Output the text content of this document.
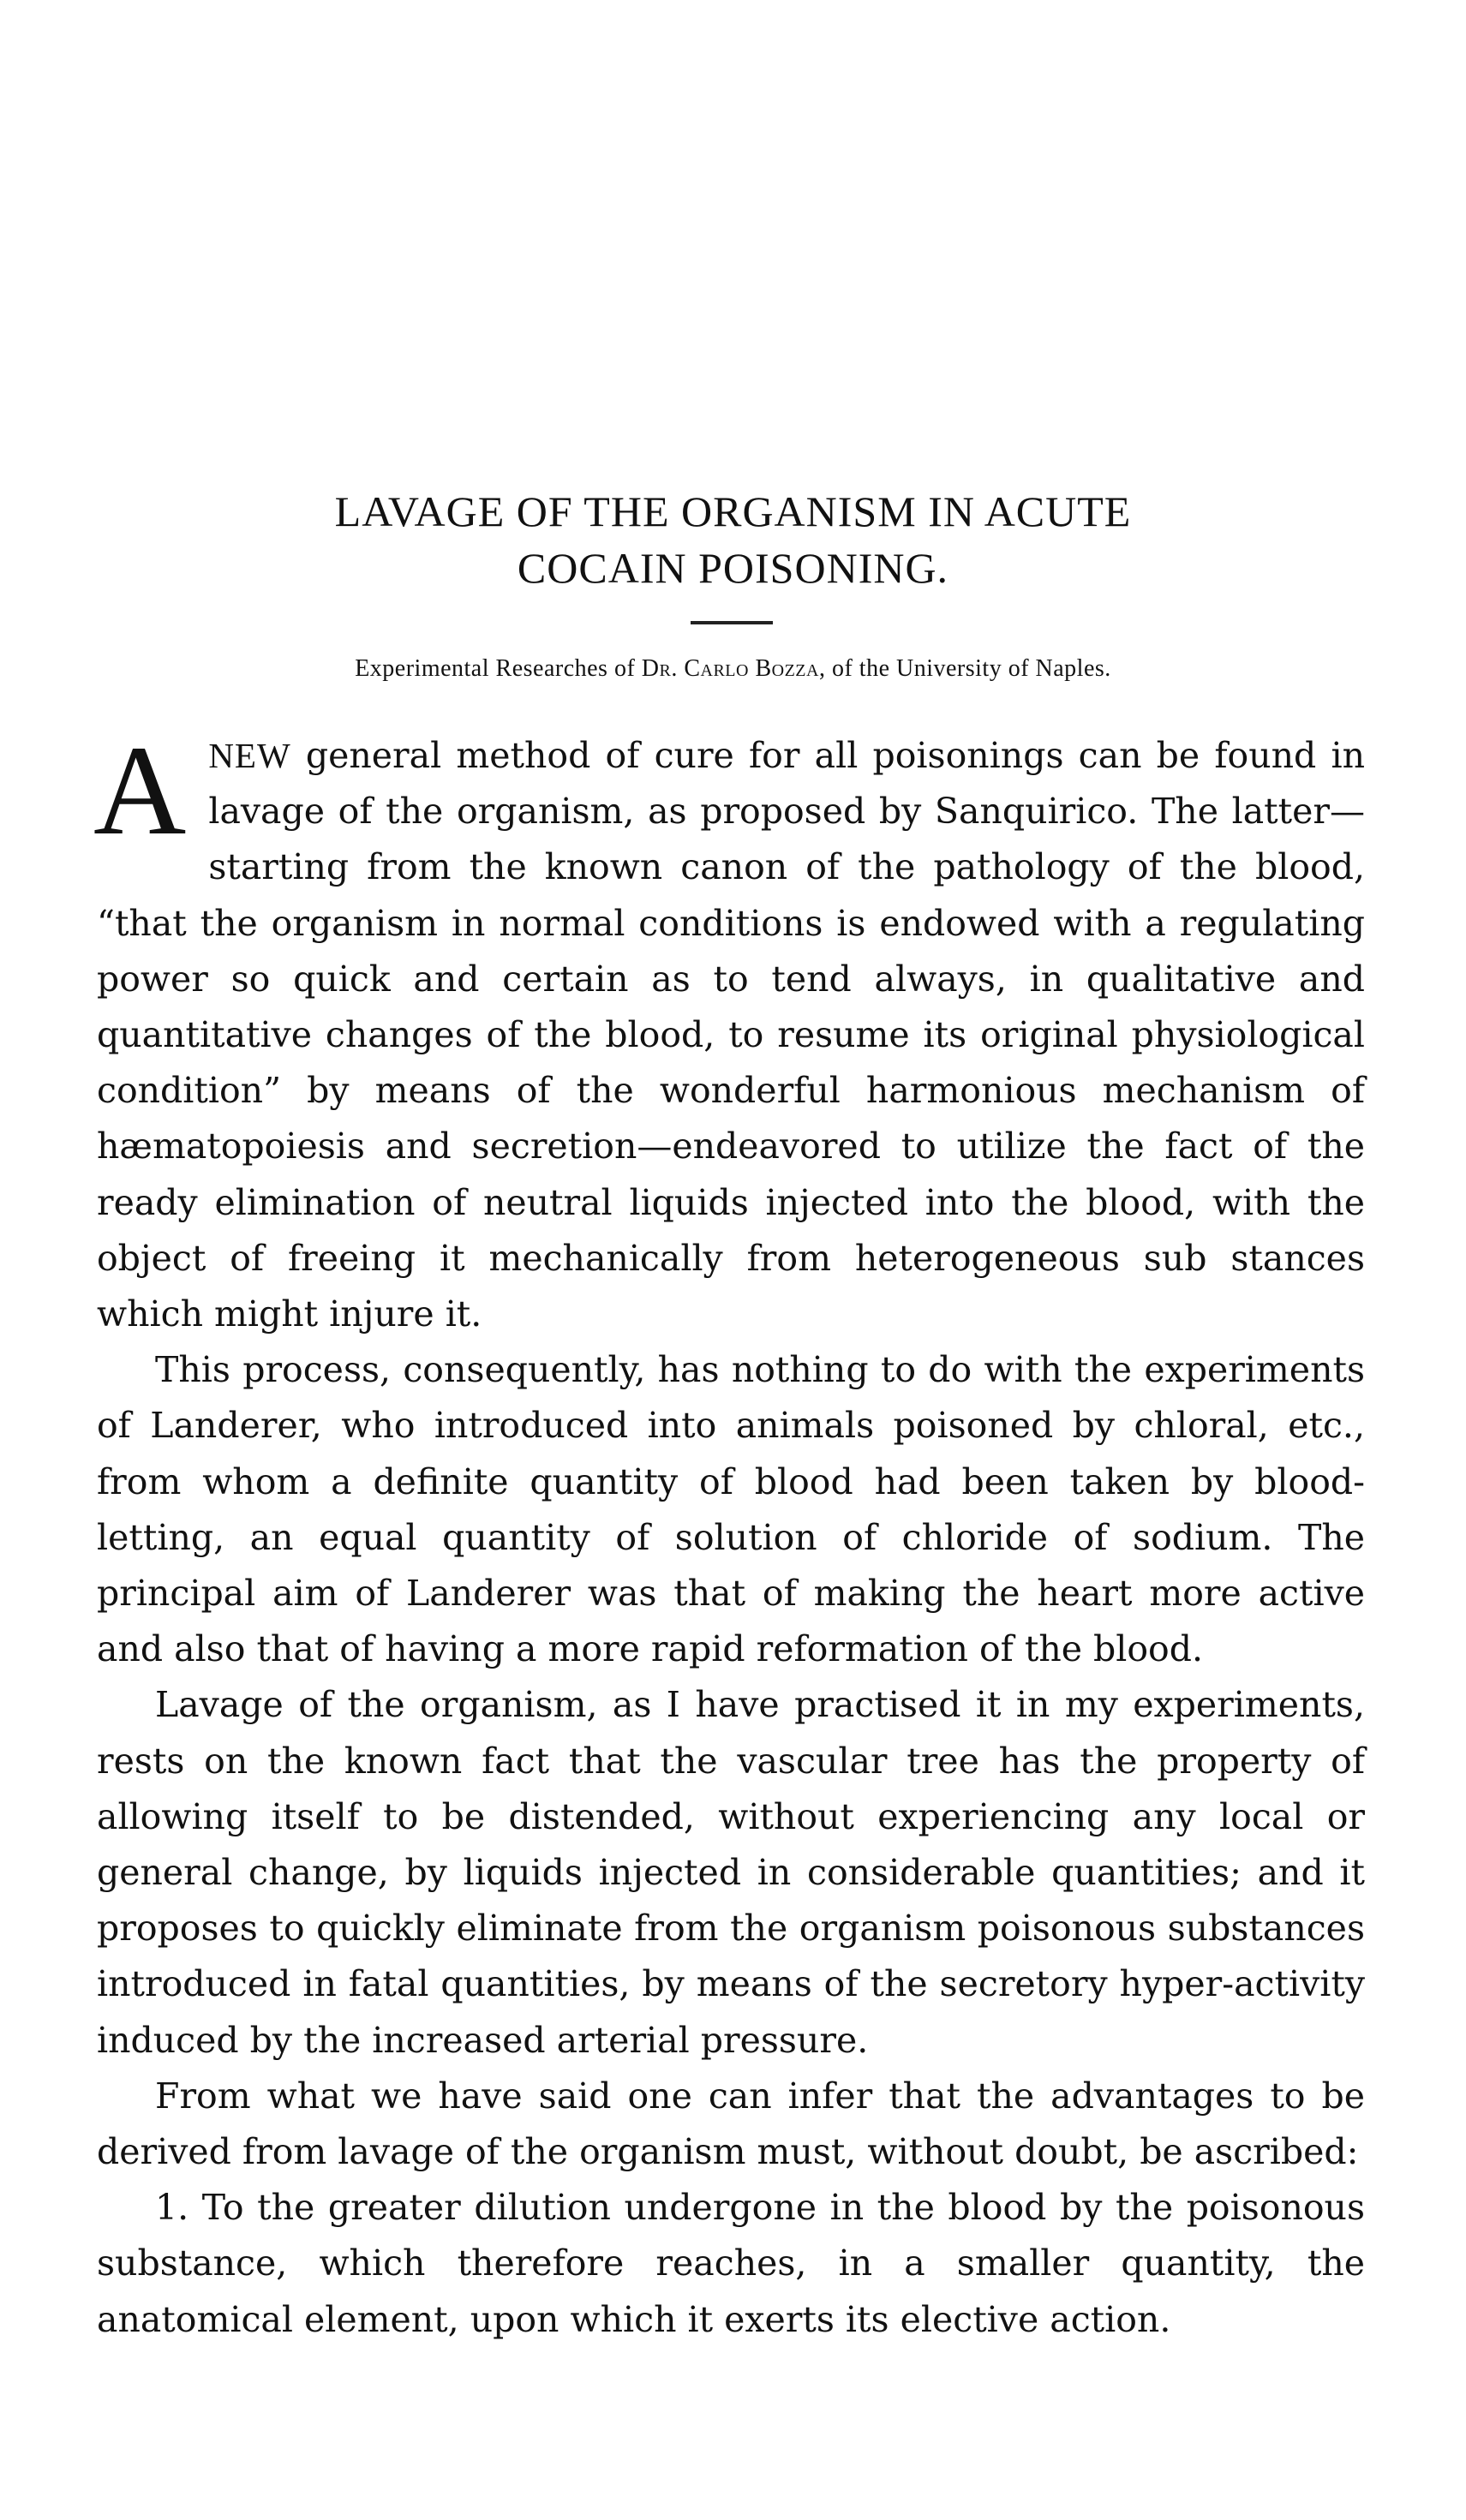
LAVAGE OF THE ORGANISM IN ACUTE
COCAIN POISONING.
Experimental Researches of Dr. Carlo Bozza, of the University of Naples.

ANEW general method of cure for all poisonings can be found in lavage of the organism, as proposed by Sanquirico. The latter—starting from the known canon of the pathology of the blood, “that the organism in normal conditions is endowed with a regulating power so quick and certain as to tend always, in qualitative and quantitative changes of the blood, to resume its original physiological condition” by means of the wonderful harmonious mechanism of hæmatopoiesis and secretion—endeavored to utilize the fact of the ready elimination of neutral liquids injected into the blood, with the object of freeing it mechanically from heterogeneous sub stances which might injure it.

This process, consequently, has nothing to do with the experiments of Landerer, who introduced into animals poisoned by chloral, etc., from whom a definite quantity of blood had been taken by blood-letting, an equal quantity of solution of chloride of sodium. The principal aim of Landerer was that of making the heart more active and also that of having a more rapid reformation of the blood.

Lavage of the organism, as I have practised it in my experiments, rests on the known fact that the vascular tree has the property of allowing itself to be distended, without experiencing any local or general change, by liquids injected in considerable quantities; and it proposes to quickly eliminate from the organism poisonous substances introduced in fatal quantities, by means of the secretory hyper-activity induced by the increased arterial pressure.

From what we have said one can infer that the advantages to be derived from lavage of the organism must, without doubt, be ascribed:

1. To the greater dilution undergone in the blood by the poisonous substance, which therefore reaches, in a smaller quantity, the anatomical element, upon which it exerts its elective action.
